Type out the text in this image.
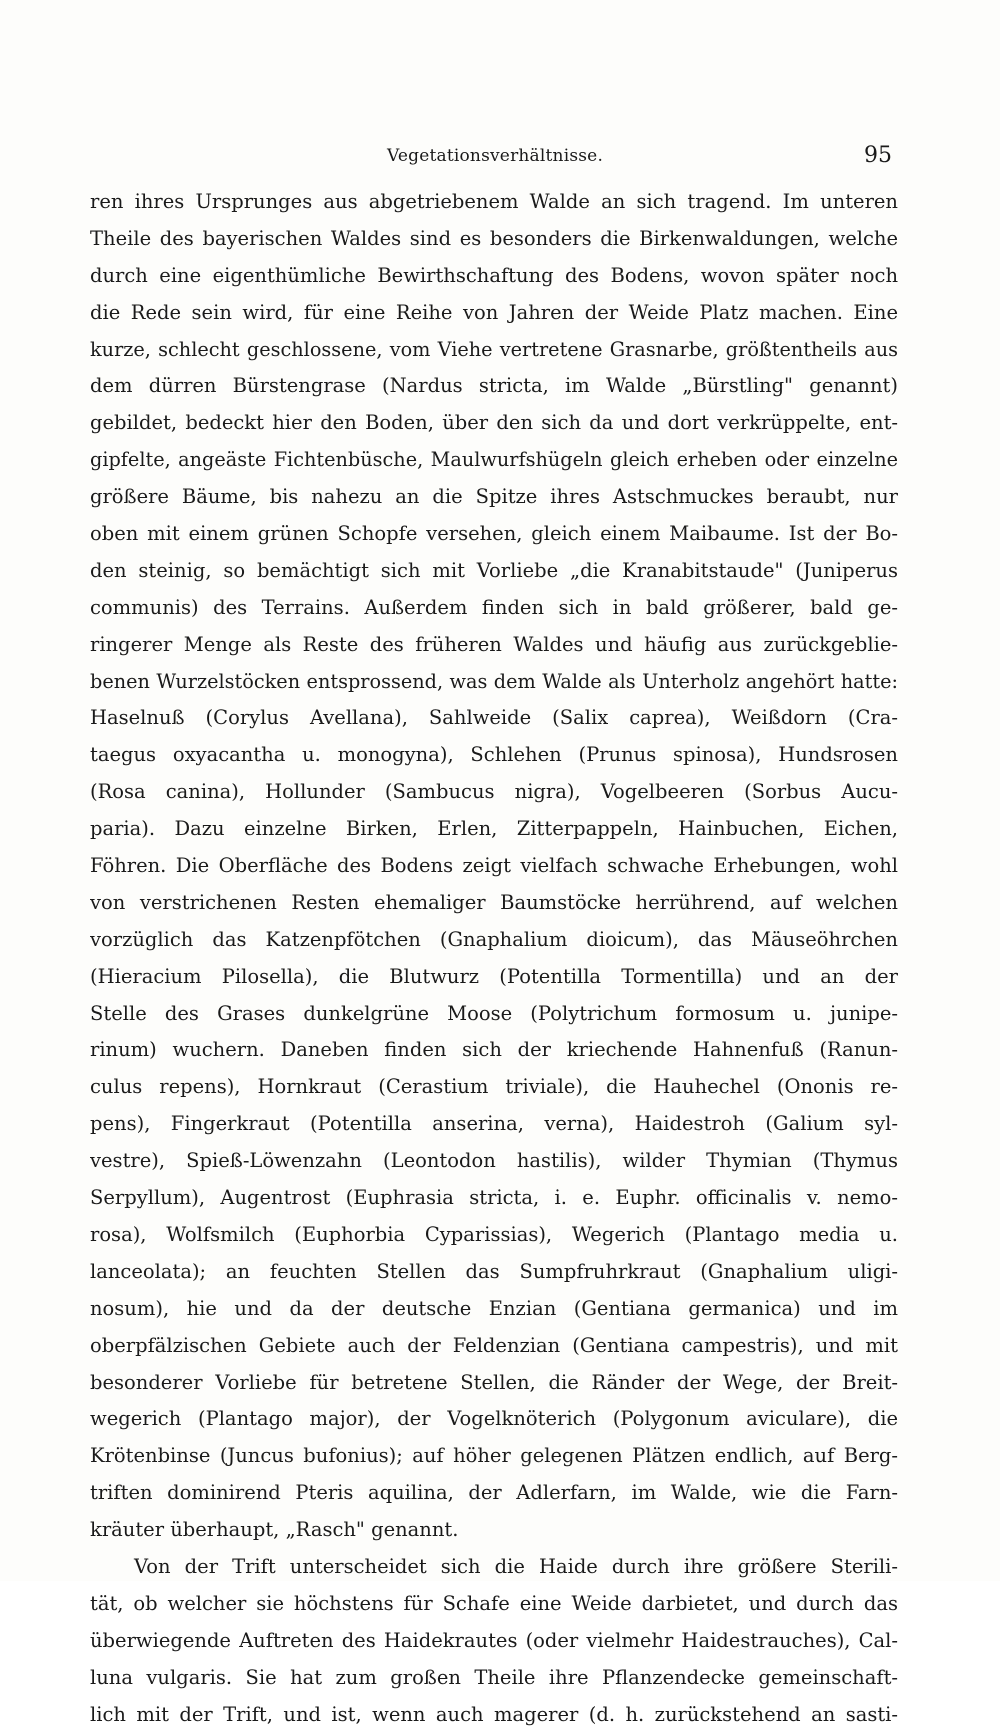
Vegetationsverhältnisse.	95
ren ihres Ursprunges aus abgetriebenem Walde an sich tragend. Im unteren
Theile des bayerischen Waldes sind es besonders die Birkenwaldungen, welche
durch eine eigenthümliche Bewirthschaftung des Bodens, wovon später noch
die Rede sein wird, für eine Reihe von Jahren der Weide Platz machen. Eine
kurze, schlecht geschlossene, vom Viehe vertretene Grasnarbe, größtentheils aus
dem dürren Bürstengrase (Nardus stricta, im Walde „Bürstling" genannt)
gebildet, bedeckt hier den Boden, über den sich da und dort verkrüppelte, ent-
gipfelte, angeäste Fichtenbüsche, Maulwurfshügeln gleich erheben oder einzelne
größere Bäume, bis nahezu an die Spitze ihres Astschmuckes beraubt, nur
oben mit einem grünen Schopfe versehen, gleich einem Maibaume. Ist der Bo-
den steinig, so bemächtigt sich mit Vorliebe „die Kranabitstaude" (Juniperus
communis) des Terrains. Außerdem finden sich in bald größerer, bald ge-
ringerer Menge als Reste des früheren Waldes und häufig aus zurückgeblie-
benen Wurzelstöcken entsprossend, was dem Walde als Unterholz angehört hatte:
Haselnuß (Corylus Avellana), Sahlweide (Salix caprea), Weißdorn (Cra-
taegus oxyacantha u. monogyna), Schlehen (Prunus spinosa), Hundsrosen
(Rosa canina), Hollunder (Sambucus nigra), Vogelbeeren (Sorbus Aucu-
paria). Dazu einzelne Birken, Erlen, Zitterpappeln, Hainbuchen, Eichen,
Föhren. Die Oberfläche des Bodens zeigt vielfach schwache Erhebungen, wohl
von verstrichenen Resten ehemaliger Baumstöcke herrührend, auf welchen
vorzüglich das Katzenpfötchen (Gnaphalium dioicum), das Mäuseöhrchen
(Hieracium Pilosella), die Blutwurz (Potentilla Tormentilla) und an der
Stelle des Grases dunkelgrüne Moose (Polytrichum formosum u. junipe-
rinum) wuchern. Daneben finden sich der kriechende Hahnenfuß (Ranun-
culus repens), Hornkraut (Cerastium triviale), die Hauhechel (Ononis re-
pens), Fingerkraut (Potentilla anserina, verna), Haidestroh (Galium syl-
vestre), Spieß-Löwenzahn (Leontodon hastilis), wilder Thymian (Thymus
Serpyllum), Augentrost (Euphrasia stricta, i. e. Euphr. officinalis v. nemo-
rosa), Wolfsmilch (Euphorbia Cyparissias), Wegerich (Plantago media u.
lanceolata); an feuchten Stellen das Sumpfruhrkraut (Gnaphalium uligi-
nosum), hie und da der deutsche Enzian (Gentiana germanica) und im
oberpfälzischen Gebiete auch der Feldenzian (Gentiana campestris), und mit
besonderer Vorliebe für betretene Stellen, die Ränder der Wege, der Breit-
wegerich (Plantago major), der Vogelknöterich (Polygonum aviculare), die
Krötenbinse (Juncus bufonius); auf höher gelegenen Plätzen endlich, auf Berg-
triften dominirend Pteris aquilina, der Adlerfarn, im Walde, wie die Farn-
kräuter überhaupt, „Rasch" genannt.
Von der Trift unterscheidet sich die Haide durch ihre größere Sterili-
tät, ob welcher sie höchstens für Schafe eine Weide darbietet, und durch das
überwiegende Auftreten des Haidekrautes (oder vielmehr Haidestrauches), Cal-
luna vulgaris. Sie hat zum großen Theile ihre Pflanzendecke gemeinschaft-
lich mit der Trift, und ist, wenn auch magerer (d. h. zurückstehend an sasti-
